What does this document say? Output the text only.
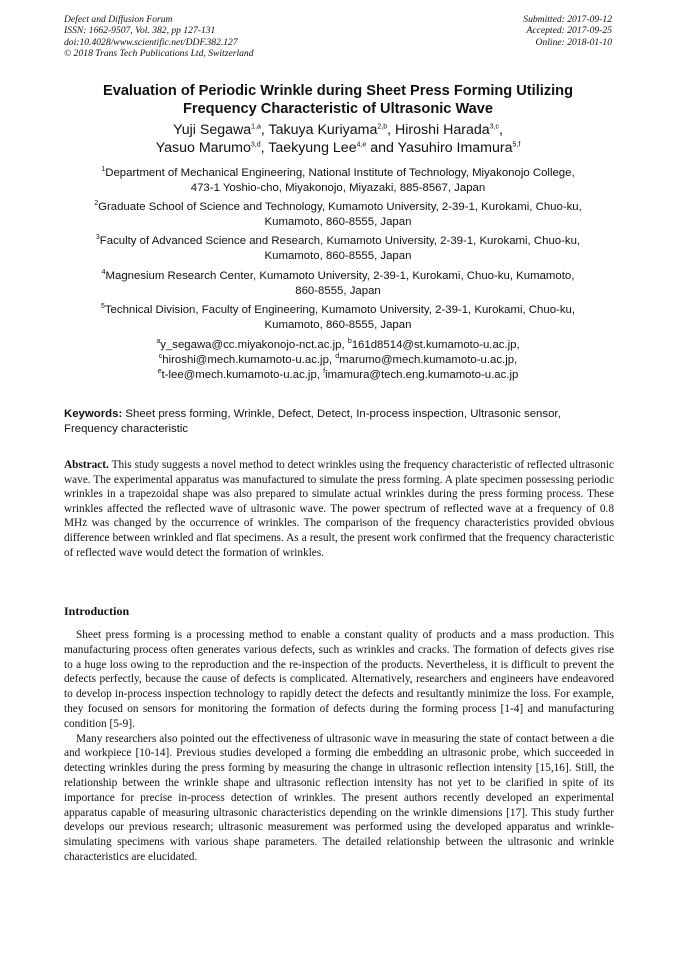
Defect and Diffusion Forum
ISSN: 1662-9507, Vol. 382, pp 127-131
doi:10.4028/www.scientific.net/DDF.382.127
© 2018 Trans Tech Publications Ltd, Switzerland
Submitted: 2017-09-12
Accepted: 2017-09-25
Online: 2018-01-10
Evaluation of Periodic Wrinkle during Sheet Press Forming Utilizing
Frequency Characteristic of Ultrasonic Wave
Yuji Segawa$^{1,a}$, Takuya Kuriyama$^{2,b}$, Hiroshi Harada$^{3,c}$,
Yasuo Marumo$^{3,d}$, Taekyung Lee$^{4,e}$ and Yasuhiro Imamura$^{5,f}$
$^1$Department of Mechanical Engineering, National Institute of Technology, Miyakonojo College,
473-1 Yoshio-cho, Miyakonojo, Miyazaki, 885-8567, Japan
$^2$Graduate School of Science and Technology, Kumamoto University, 2-39-1, Kurokami, Chuo-ku,
Kumamoto, 860-8555, Japan
$^3$Faculty of Advanced Science and Research, Kumamoto University, 2-39-1, Kurokami, Chuo-ku,
Kumamoto, 860-8555, Japan
$^4$Magnesium Research Center, Kumamoto University, 2-39-1, Kurokami, Chuo-ku, Kumamoto,
860-8555, Japan
$^5$Technical Division, Faculty of Engineering, Kumamoto University, 2-39-1, Kurokami, Chuo-ku,
Kumamoto, 860-8555, Japan
$^a$y_segawa@cc.miyakonojo-nct.ac.jp, $^b$161d8514@st.kumamoto-u.ac.jp,
$^c$hiroshi@mech.kumamoto-u.ac.jp, $^d$marumo@mech.kumamoto-u.ac.jp,
$^e$t-lee@mech.kumamoto-u.ac.jp, $^f$imamura@tech.eng.kumamoto-u.ac.jp
Keywords: Sheet press forming, Wrinkle, Defect, Detect, In-process inspection, Ultrasonic sensor, Frequency characteristic
Abstract. This study suggests a novel method to detect wrinkles using the frequency characteristic of reflected ultrasonic wave. The experimental apparatus was manufactured to simulate the press forming. A plate specimen possessing periodic wrinkles in a trapezoidal shape was also prepared to simulate actual wrinkles during the press forming process. These wrinkles affected the reflected wave of ultrasonic wave. The power spectrum of reflected wave at a frequency of 0.8 MHz was changed by the occurrence of wrinkles. The comparison of the frequency characteristics provided obvious difference between wrinkled and flat specimens. As a result, the present work confirmed that the frequency characteristic of reflected wave would detect the formation of wrinkles.
Introduction

Sheet press forming is a processing method to enable a constant quality of products and a mass production. This manufacturing process often generates various defects, such as wrinkles and cracks. The formation of defects gives rise to a huge loss owing to the reproduction and the re-inspection of the products. Nevertheless, it is difficult to prevent the defects perfectly, because the cause of defects is complicated. Alternatively, researchers and engineers have endeavored to develop in-process inspection technology to rapidly detect the defects and resultantly minimize the loss. For example, they focused on sensors for monitoring the formation of defects during the forming process [1-4] and manufacturing condition [5-9].

Many researchers also pointed out the effectiveness of ultrasonic wave in measuring the state of contact between a die and workpiece [10-14]. Previous studies developed a forming die embedding an ultrasonic probe, which succeeded in detecting wrinkles during the press forming by measuring the change in ultrasonic reflection intensity [15,16]. Still, the relationship between the wrinkle shape and ultrasonic reflection intensity has not yet to be clarified in spite of its importance for precise in-process detection of wrinkles. The present authors recently developed an experimental apparatus capable of measuring ultrasonic characteristics depending on the wrinkle dimensions [17]. This study further develops our previous research; ultrasonic measurement was performed using the developed apparatus and wrinkle-simulating specimens with various shape parameters. The detailed relationship between the ultrasonic and wrinkle characteristics are elucidated.
